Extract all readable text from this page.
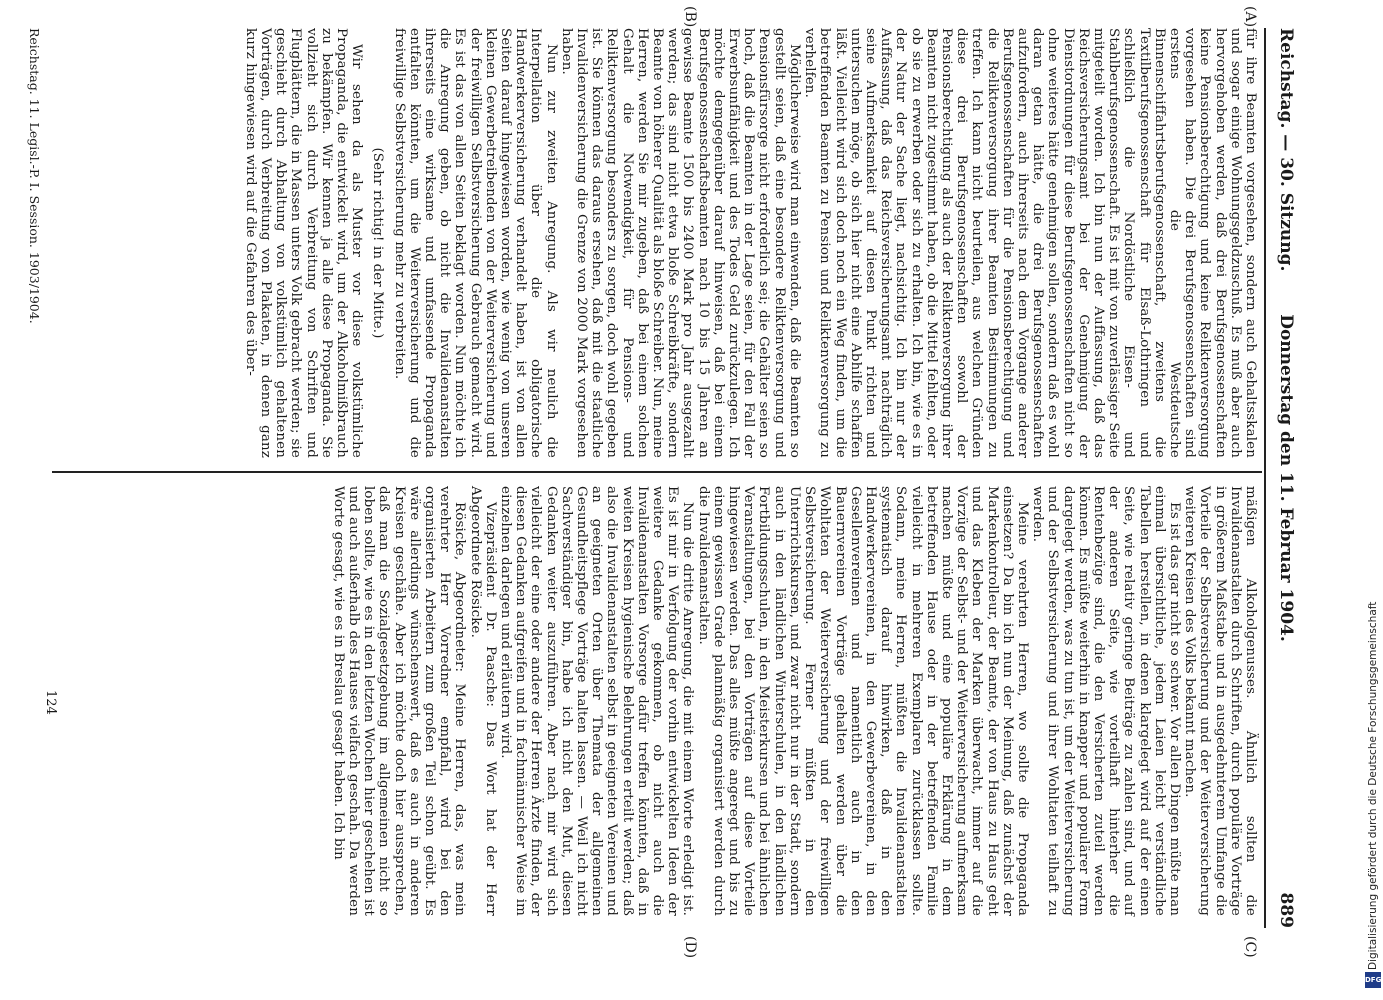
Reichstag. — 30. Sitzung.
Donnerstag den 11. Februar 1904.
889
(A)
(B)
(C)
(D)

für ihre Beamten vorgesehen, sondern auch Gehaltsskalen und sogar einige Wohnungsgeldzuschuß. Es muß aber auch hervorgehoben werden, daß drei Berufsgenossenschaften keine Pensionsberechtigung und keine Reliktenversorgung vorgesehen haben. Die drei Berufsgenossenschaften sind erstens die Westdeutsche Binnenschiffahrtsberufsgenossenschaft, zweitens die Textilberufsgenossenschaft für Elsaß-Lothringen und schließlich die Nordöstliche Eisen- und Stahlberufsgenossenschaft. Es ist mit von zuverlässiger Seite mitgeteilt worden. Ich bin nun der Auffassung, daß das Reichsversicherungsamt bei der Genehmigung der Dienstordnungen für diese Berufsgenossenschaften nicht so ohne weiteres hätte genehmigen sollen, sondern daß es wohl daran getan hätte, die drei Berufsgenossenschaften aufzufordern, auch ihrerseits nach dem Vorgange anderer Berufsgenossenschaften für die Pensionsberechtigung und die Reliktenversorgung ihrer Beamten Bestimmungen zu treffen. Ich kann nicht beurteilen, aus welchen Gründen diese drei Berufsgenossenschaften sowohl der Pensionsberechtigung als auch der Reliktenversorgung ihrer Beamten nicht zugestimmt haben, ob die Mittel fehlten, oder ob sie zu erwerben oder sich zu erhalten. Ich bin, wie es in der Natur der Sache liegt, nachsichtig. Ich bin nur der Auffassung, daß das Reichsversicherungsamt nachträglich seine Aufmerksamkeit auf diesen Punkt richten und untersuchen möge, ob sich hier nicht eine Abhilfe schaffen läßt. Vielleicht wird sich doch noch ein Weg finden, um die betreffenden Beamten zu Pension und Reliktenversorgung zu verhelfen.

Möglicherweise wird man einwenden, daß die Beamten so gestellt seien, daß eine besondere Reliktenversorgung und Pensionsfürsorge nicht erforderlich sei; die Gehälter seien so hoch, daß die Beamten in der Lage seien, für den Fall der Erwerbsunfähigkeit und des Todes Geld zurückzulegen. Ich möchte demgegenüber darauf hinweisen, daß bei einem Berufsgenossenschaftsbeamten nach 10 bis 15 Jahren an gewisse Beamte 1500 bis 2400 Mark pro Jahr ausgezahlt werden; das sind nicht etwa bloße Schreibkräfte, sondern Beamte von höherer Qualität als bloße Schreiber. Nun, meine Herren, werden Sie mir zugeben, daß bei einem solchen Gehalt die Notwendigkeit, für Pensions- und Reliktenversorgung besonders zu sorgen, doch wohl gegeben ist. Sie können das daraus ersehen, daß mit die staatliche Invalidenversicherung die Grenze von 2000 Mark vorgesehen haben.

Nun zur zweiten Anregung. Als wir neulich die Interpellation über die obligatorische Handwerkerversicherung verhandelt haben, ist von allen Seiten darauf hingewiesen worden, wie wenig von unseren kleinen Gewerbetreibenden von der Weiterversicherung und der freiwilligen Selbstversicherung Gebrauch gemacht wird. Es ist das von allen Seiten beklagt worden. Nun möchte ich die Anregung geben, ob nicht die Invalidenanstalten ihrerseits eine wirksame und umfassende Propaganda entfalten könnten, um die Weiterversicherung und die freiwillige Selbstversicherung mehr zu verbreiten.

(Sehr richtig! in der Mitte.)

Wir sehen da als Muster vor diese volkstümliche Propaganda, die entwickelt wird, um der Alkoholmißbrauch zu bekämpfen. Wir kennen ja alle diese Propaganda. Sie vollzieht sich durch Verbreitung von Schriften und Flugblättern, die in Massen unters Volk gebracht werden; sie geschieht durch Abhaltung von volkstümlich gehaltenen Vorträgen, durch Verbreitung von Plakaten, in denen ganz kurz hingewiesen wird auf die Gefahren des über-

mäßigen Alkoholgenusses. Ähnlich sollten die Invalidenanstalten durch Schriften, durch populäre Vorträge in größerem Maßstabe und in ausgedehnterem Umfange die Vorteile der Selbstversicherung und der Weiterversicherung weiteren Kreisen des Volks bekannt machen.

Es ist das gar nicht so schwer. Vor allen Dingen müßte man einmal übersichtliche, jedem Laien leicht verständliche Tabellen herstellen, in denen klargelegt wird auf der einen Seite, wie relativ geringe Beiträge zu zahlen sind, und auf der anderen Seite, wie vorteilhaft hinterher die Rentenbezüge sind, die den Versicherten zuteil werden können. Es müßte weiterhin in knapper und populärer Form dargelegt werden, was zu tun ist, um der Weiterversicherung und der Selbstversicherung und ihrer Wohltaten teilhaft zu werden.

Meine verehrten Herren, wo sollte die Propaganda einsetzen? Da bin ich nun der Meinung, daß zunächst der Markenkontrolleur, der Beamte, der von Haus zu Haus geht und das Kleben der Marken überwacht, immer auf die Vorzüge der Selbst- und der Weiterversicherung aufmerksam machen müßte und eine populäre Erklärung in dem betreffenden Hause oder in der betreffenden Familie vielleicht in mehreren Exemplaren zurücklassen sollte. Sodann, meine Herren, müßten die Invalidenanstalten systematisch darauf hinwirken, daß in den Handwerkervereinen, in den Gewerbevereinen, in den Gesellenvereinen und namentlich auch in den Bauernvereinen Vorträge gehalten werden über die Wohltaten der Weiterversicherung und der freiwilligen Selbstversicherung. Ferner müßten in den Unterrichtskursen, und zwar nicht nur in der Stadt, sondern auch in den ländlichen Winterschulen, in den ländlichen Fortbildungsschulen, in den Meisterkursen und bei ähnlichen Veranstaltungen, bei den Vorträgen auf diese Vorteile hingewiesen werden. Das alles müßte angeregt und bis zu einem gewissen Grade planmäßig organisiert werden durch die Invalidenanstalten.

Nun die dritte Anregung, die mit einem Worte erledigt ist. Es ist mir in Verfolgung der vorhin entwickelten Ideen der weitere Gedanke gekommen, ob nicht auch die Invalidenanstalten Vorsorge dafür treffen könnten, daß in weiten Kreisen hygienische Belehrungen erteilt werden; daß also die Invalidenanstalten selbst in geeigneten Vereinen und an geeigneten Orten über Themata der allgemeinen Gesundheitspflege Vorträge halten lassen. — Weil ich nicht Sachverständiger bin, habe ich nicht den Mut, diesen Gedanken weiter auszuführen. Aber nach mir wird sich vielleicht der eine oder andere der Herren Ärzte finden, der diesen Gedanken aufgreifen und in fachmännischer Weise im einzelnen darlegen und erläutern wird.

Vizepräsident Dr. Paasche: Das Wort hat der Herr Abgeordnete Rösicke.

Rösicke, Abgeordneter: Meine Herren, das, was mein verehrter Herr Vorredner empfahl, wird bei den organisierten Arbeitern zum großen Teil schon geübt. Es wäre allerdings wünschenswert, daß es auch in anderen Kreisen geschähe. Aber ich möchte doch hier aussprechen, daß man die Sozialgesetzgebung im allgemeinen nicht so loben sollte, wie es in den letzten Wochen hier geschehen ist und auch außerhalb des Hauses vielfach geschah. Da werden Worte gesagt, wie es in Breslau gesagt haben. Ich bin

Reichstag. 11. Legisl.-P. I. Session. 1903/1904.
124	Digitalisierung gefördert durch die Deutsche Forschungsgemeinschaft
DFG
